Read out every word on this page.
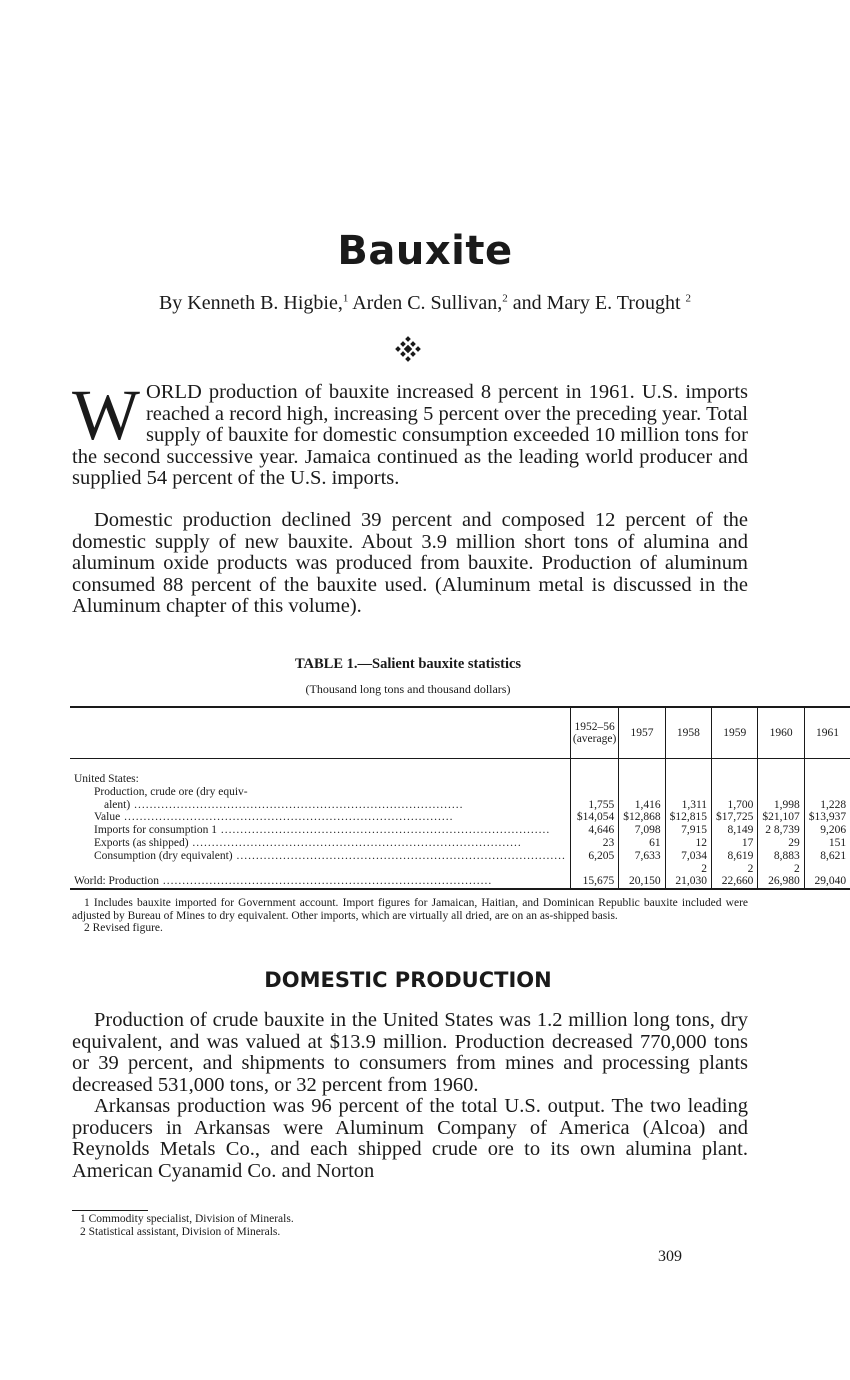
Bauxite
By Kenneth B. Higbie,$^1$ Arden C. Sullivan,$^2$ and Mary E. Trought $^2$

WORLD production of bauxite increased 8 percent in 1961. U.S. imports reached a record high, increasing 5 percent over the preceding year. Total supply of bauxite for domestic consumption exceeded 10 million tons for the second successive year. Jamaica continued as the leading world producer and supplied 54 percent of the U.S. imports.

Domestic production declined 39 percent and composed 12 percent of the domestic supply of new bauxite. About 3.9 million short tons of alumina and aluminum oxide products was produced from bauxite. Production of aluminum consumed 88 percent of the bauxite used. (Aluminum metal is discussed in the Aluminum chapter of this volume).

TABLE 1.—Salient bauxite statistics
(Thousand long tons and thousand dollars)
	1952–56 (average)	1957	1958	1959	1960	1961

United States:						
Production, crude ore (dry equiv-						
alent) .....	1,755	1,416	1,311	1,700	1,998	1,228
Value .....	$14,054	$12,868	$12,815	$17,725	$21,107	$13,937
Imports for consumption 1 .....	4,646	7,098	7,915	8,149	2 8,739	9,206
Exports (as shipped) .....	23	61	12	17	29	151
Consumption (dry equivalent) .....	6,205	7,633	7,034	8,619	8,883	8,621
World: Production .....	15,675	20,150	2 21,030	2 22,660	2 26,980	29,040

1 Includes bauxite imported for Government account. Import figures for Jamaican, Haitian, and Dominican Republic bauxite included were adjusted by Bureau of Mines to dry equivalent. Other imports, which are virtually all dried, are on an as-shipped basis.

2 Revised figure.

DOMESTIC PRODUCTION

Production of crude bauxite in the United States was 1.2 million long tons, dry equivalent, and was valued at $13.9 million. Production decreased 770,000 tons or 39 percent, and shipments to consumers from mines and processing plants decreased 531,000 tons, or 32 percent from 1960.

Arkansas production was 96 percent of the total U.S. output. The two leading producers in Arkansas were Aluminum Company of America (Alcoa) and Reynolds Metals Co., and each shipped crude ore to its own alumina plant. American Cyanamid Co. and Norton

1 Commodity specialist, Division of Minerals.

2 Statistical assistant, Division of Minerals.

309
